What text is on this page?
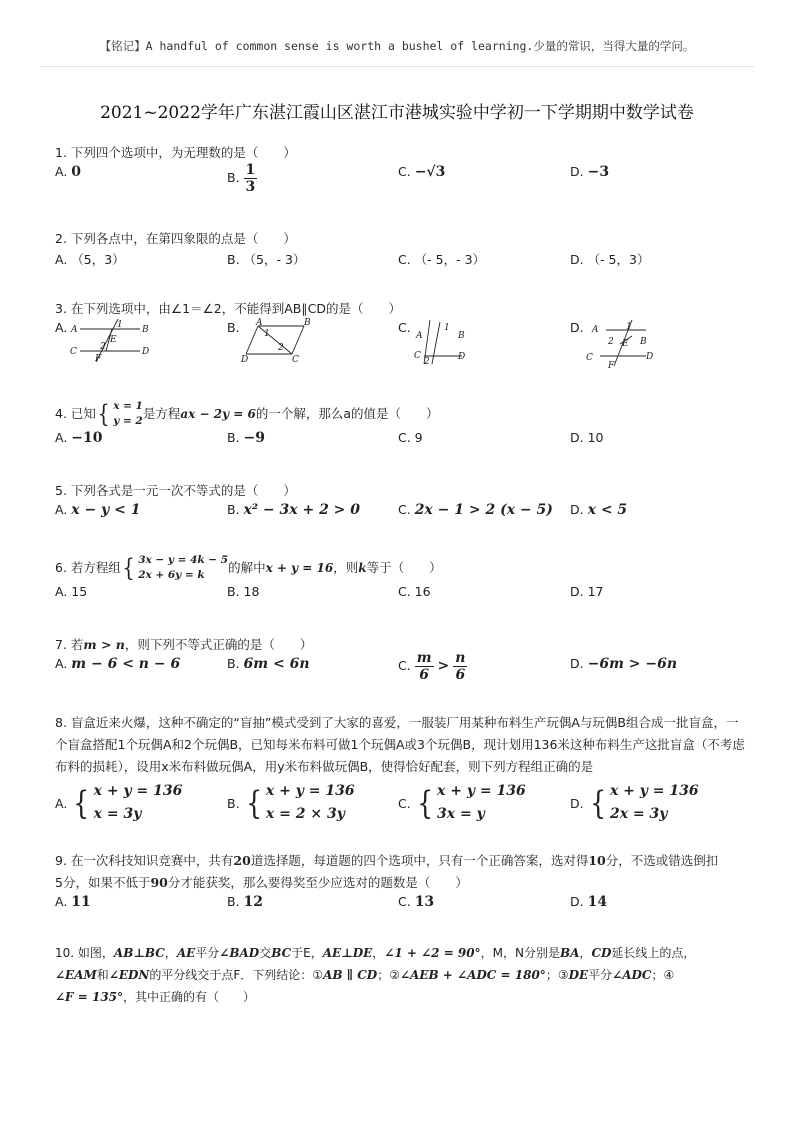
【铭记】A handful of common sense is worth a bushel of learning.少量的常识，当得大量的学问。
2021~2022学年广东湛江霞山区湛江市港城实验中学初一下学期期中数学试卷
1. 下列四个选项中，为无理数的是（　　）
A. 0	B. $\frac{1}{3}$	C. −√3	D. −3
2. 下列各点中，在第四象限的点是（　　）
A. （5，3）	B. （5，- 3）	C. （- 5，- 3）	D. （- 5，3）
3. 在下列选项中，由∠1＝∠2，不能得到AB∥CD的是（　　）
A.	B.	C.	D.
A	B
C	D
1
2
E
F
A	B
D	C
1
2
A	B
C	D
1
2
A
B
C	D
1
2 E
F
4. 已知 { x = 1
y = 2 是方程 ax − 2y = 6 的一个解，那么a的值是（　　）
A. −10	B. −9	C. 9	D. 10
5. 下列各式是一元一次不等式的是（　　）
A. x − y < 1	B. x² − 3x + 2 > 0	C. 2x − 1 > 2 (x − 5) D. x < 5
6. 若方程组 { 3x − y = 4k − 5
2x + 6y = k	的解中 x + y = 16 ，则 k 等于（　　）
A. 15	B. 18	C. 16	D. 17
7. 若m > n，则下列不等式正确的是（　　）
A. m − 6 < n − 6	B. 6m < 6n	C. $\frac{m}{6} > \frac{n}{6}$	D. −6m > −6n
8. 盲盒近来火爆，这种不确定的“盲抽”模式受到了大家的喜爱，一服装厂用某种布料生产玩偶A与玩偶B组合成一批盲盒，一个盲盒搭配1个玩偶A和2个玩偶B，已知每米布料可做1个玩偶A或3个玩偶B，现计划用136米这种布料生产这批盲盒（不考虑布料的损耗），设用x米布料做玩偶A，用y米布料做玩偶B，使得恰好配套，则下列方程组正确的是
A.
{ x + y = 136
x = 3y
B.
{ x + y = 136
x = 2 × 3y
C.
{ x + y = 136
3x = y
D.
{ x + y = 136
2x = 3y
9. 在一次科技知识竞赛中，共有20道选择题，每道题的四个选项中，只有一个正确答案，选对得10分，不选或错选倒扣
5分，如果不低于90分才能获奖，那么要得奖至少应选对的题数是（　　）
A. 11	B. 12	C. 13	D. 14
10. 如图，AB⊥BC，AE平分∠BAD交BC于E，AE⊥DE，∠1 + ∠2 = 90°，M，N分别是BA，CD延长线上的点，
∠EAM和∠EDN的平分线交于点F．下列结论：①AB ∥ CD；②∠AEB + ∠ADC = 180°；③DE平分∠ADC；④
∠F = 135°，其中正确的有（　　）
